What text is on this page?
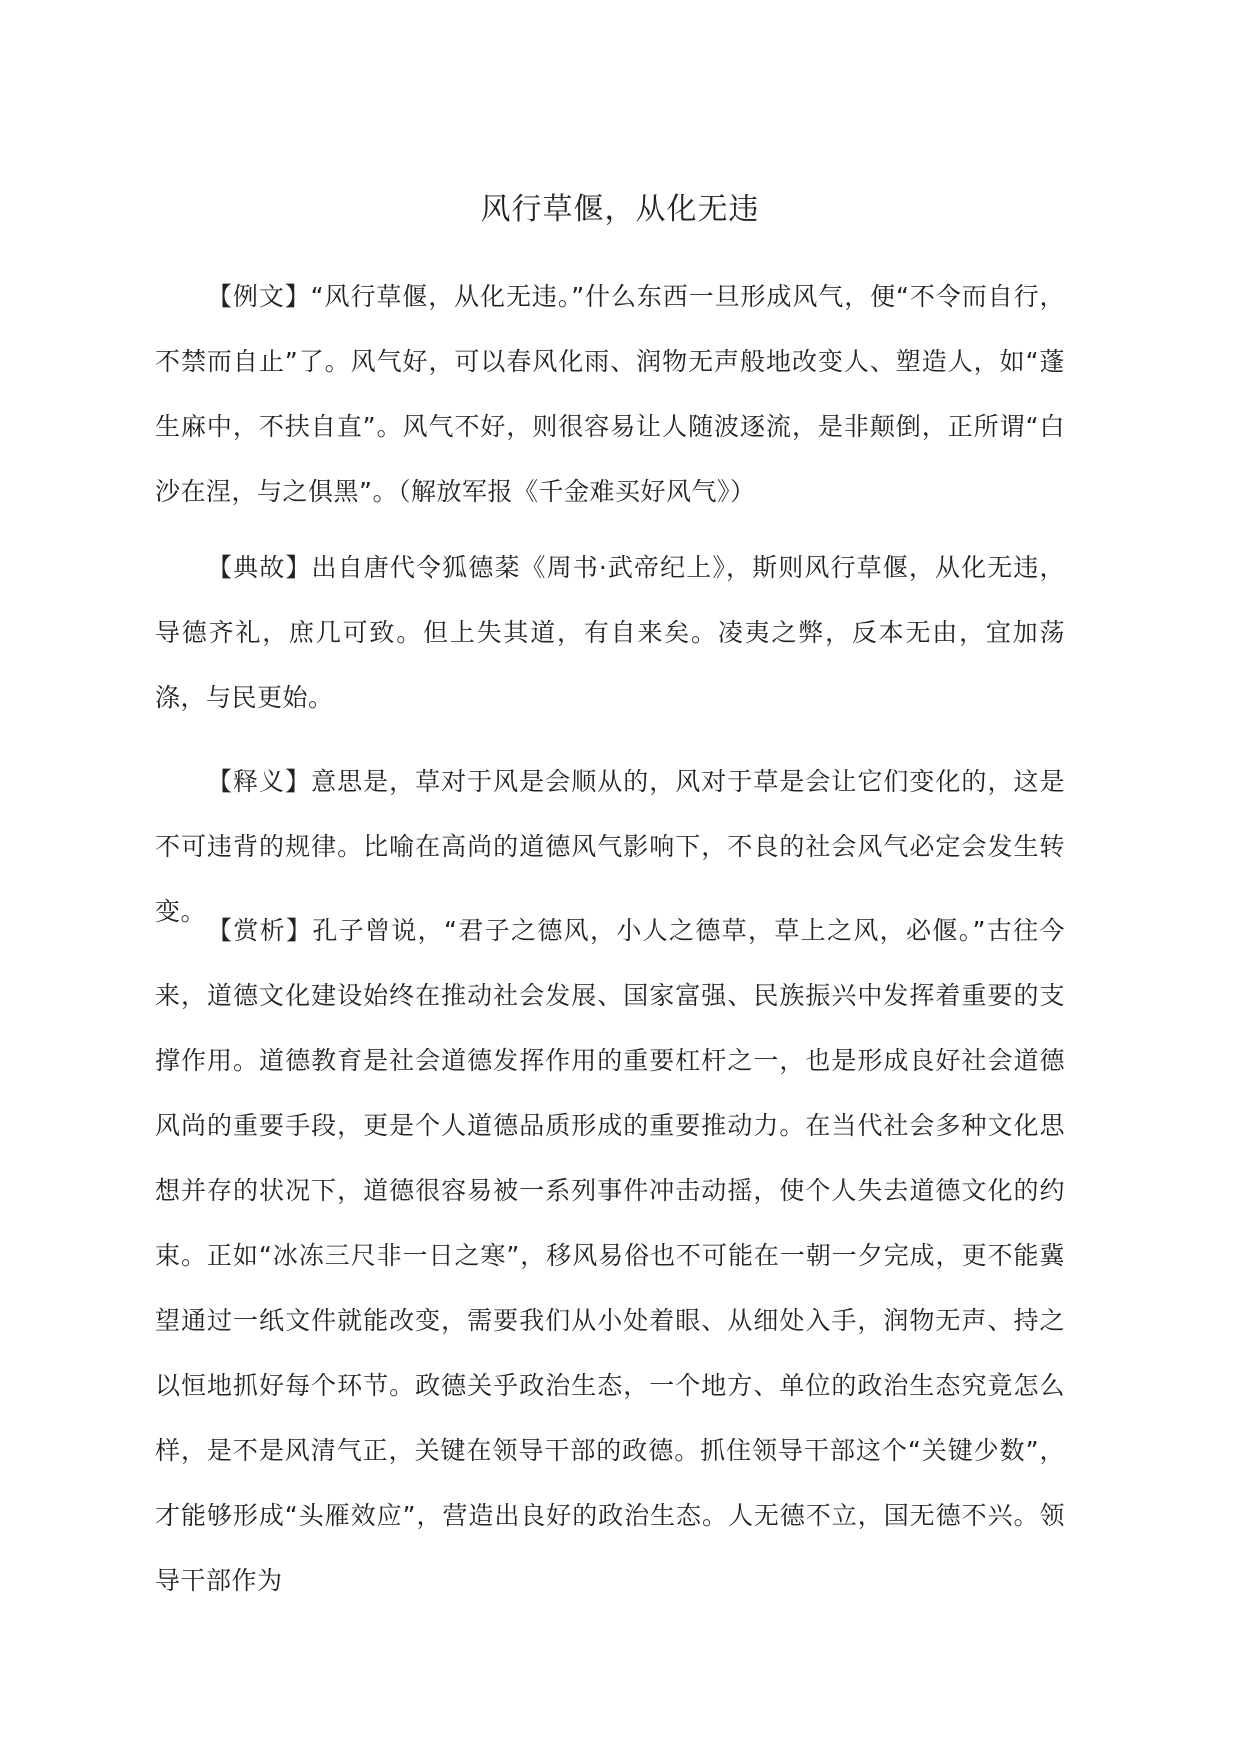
风行草偃，从化无违

【例文】“风行草偃，从化无违。”什么东西一旦形成风气，便“不令而自行，不禁而自止”了。风气好，可以春风化雨、润物无声般地改变人、塑造人，如“蓬生麻中，不扶自直”。风气不好，则很容易让人随波逐流，是非颠倒，正所谓“白沙在涅，与之俱黑”。（解放军报《千金难买好风气》）

【典故】出自唐代令狐德棻《周书·武帝纪上》，斯则风行草偃，从化无违，导德齐礼，庶几可致。但上失其道，有自来矣。凌夷之弊，反本无由，宜加荡涤，与民更始。

【释义】意思是，草对于风是会顺从的，风对于草是会让它们变化的，这是不可违背的规律。比喻在高尚的道德风气影响下，不良的社会风气必定会发生转变。

【赏析】孔子曾说，“君子之德风，小人之德草，草上之风，必偃。”古往今来，道德文化建设始终在推动社会发展、国家富强、民族振兴中发挥着重要的支撑作用。道德教育是社会道德发挥作用的重要杠杆之一，也是形成良好社会道德风尚的重要手段，更是个人道德品质形成的重要推动力。在当代社会多种文化思想并存的状况下，道德很容易被一系列事件冲击动摇，使个人失去道德文化的约束。正如“冰冻三尺非一日之寒”，移风易俗也不可能在一朝一夕完成，更不能冀望通过一纸文件就能改变，需要我们从小处着眼、从细处入手，润物无声、持之以恒地抓好每个环节。政德关乎政治生态，一个地方、单位的政治生态究竟怎么样，是不是风清气正，关键在领导干部的政德。抓住领导干部这个“关键少数”，才能够形成“头雁效应”，营造出良好的政治生态。人无德不立，国无德不兴。领导干部作为
